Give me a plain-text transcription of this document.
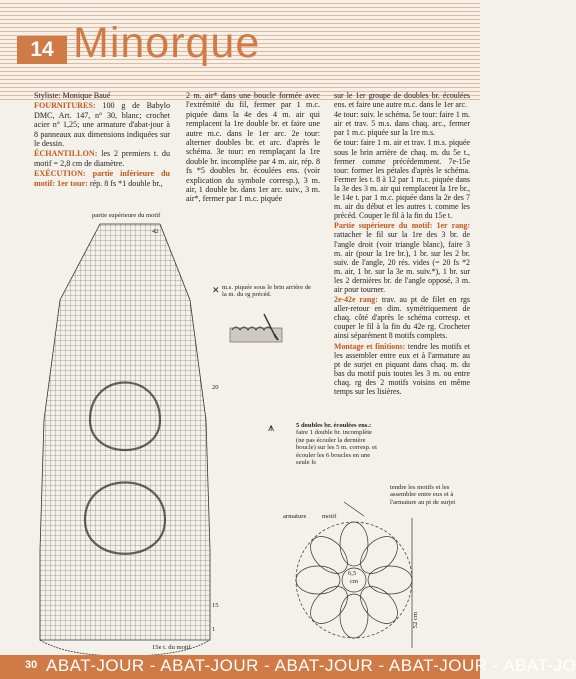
14 Minorque

Styliste: Monique Baué

FOURNITURES: 100 g de Babylo DMC, Art. 147, n° 30, blanc; crochet acier n° 1,25; une armature d'abat-jour à 8 panneaux aux dimensions indiquées sur le dessin.

ÉCHANTILLON: les 2 premiers t. du motif = 2,8 cm de diamètre.

EXÉCUTION: partie inférieure du motif: 1er tour: rép. 8 fs *1 double br.,

2 m. air* dans une boucle formée avec l'extrémité du fil, fermer par 1 m.c. piquée dans la 4e des 4 m. air qui remplacent la 1re double br. et faire une autre m.c. dans le 1er arc. 2e tour: alterner doubles br. et arc. d'après le schéma. 3e tour: en remplaçant la 1re double br. incomplète par 4 m. air, rép. 8 fs *5 doubles br. écoulées ens. (voir explication du symbole corresp.), 3 m. air, 1 double br. dans 1er arc. suiv., 3 m. air*, fermer par 1 m.c. piquée

sur le 1er groupe de doubles br. écoulées ens. et faire une autre m.c. dans le 1er arc.

4e tour: suiv. le schéma. 5e tour: faire 1 m. air et trav. 5 m.s. dans chaq. arc., fermer par 1 m.c. piquée sur la 1re m.s.

6e tour: faire 1 m. air et trav. 1 m.s. piquée sous le brin arrière de chaq. m. du 5e t., fermer comme précédemment. 7e-15e tour: former les pétales d'après le schéma. Fermer les t. 8 à 12 par 1 m.c. piquée dans la 3e des 3 m. air qui remplacent la 1re br., le 14e t. par 1 m.c. piquée dans la 2e des 7 m. air du début et les autres t. comme les précéd. Couper le fil à la fin du 15e t.

Partie supérieure du motif: 1er rang: rattacher le fil sur la 1re des 3 br. de l'angle droit (voir triangle blanc), faire 3 m. air (pour la 1re br.), 1 br. sur les 2 br. suiv. de l'angle, 20 rés. vides (= 20 fs *2 m. air, 1 br. sur la 3e m. suiv.*), 1 br. sur les 2 dernières br. de l'angle opposé, 3 m. air pour tourner.

2e-42e rang: trav. au pt de filet en rgs aller-retour en dim. symétriquement de chaq. côté d'après le schéma corresp. et couper le fil à la fin du 42e rg. Crocheter ainsi séparément 8 motifs complets.

Montage et finitions: tendre les motifs et les assembler entre eux et à l'armature au pt de surjet en piquant dans chaq. m. du bas du motif puis toutes les 3 m. ou entre chaq. rg des 2 motifs voisins en même temps sur les lisières.

partie supérieure du motif
42
20
15
1
15e t. du motif
✕ m.s. piquée sous le brin arrière de la m. du rg précéd.
⩚	5 doubles br. écoulées ens.:
faire 1 double br. incomplète (ne pas écouler la dernière boucle) sur les 5 m. corresp. et écouler les 6 boucles en une seule fs
tendre les motifs et les assembler entre eux et à l'armature au pt de surjet
armature motif
6,5
cm
52 cm
30 ABAT-JOUR - ABAT-JOUR - ABAT-JOUR - ABAT-JOUR - ABAT-JO
